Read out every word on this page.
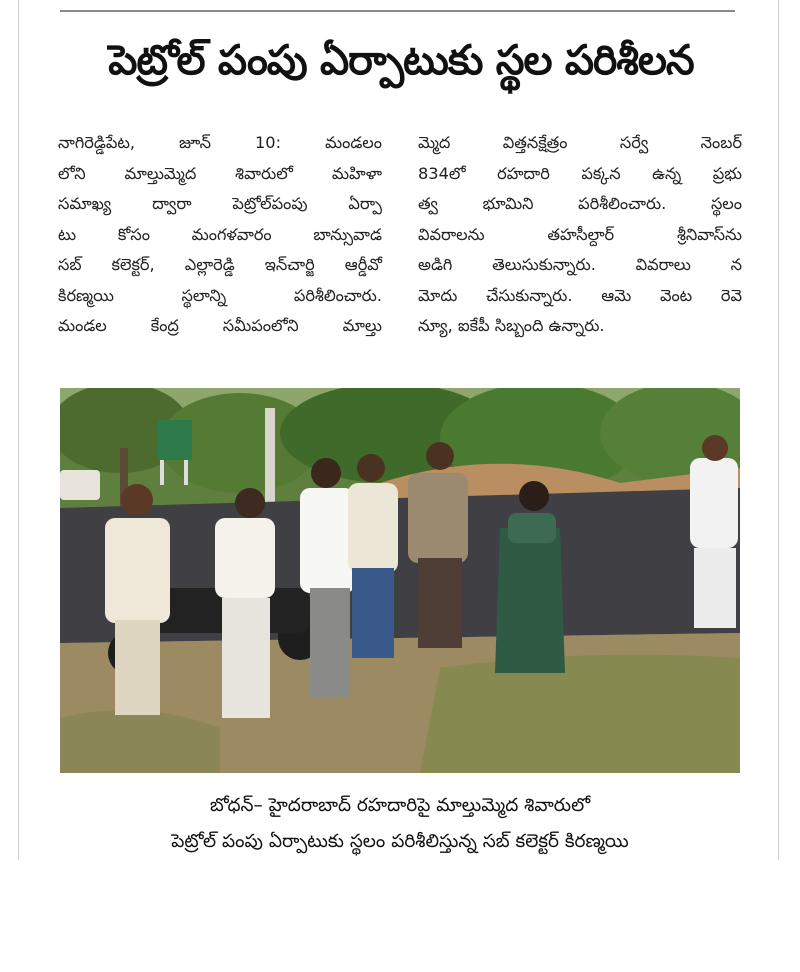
పెట్రోల్ పంపు ఏర్పాటుకు స్థల పరిశీలన
నాగిరెడ్డిపేట, జూన్ 10: మండలం
లోని మాల్తుమ్మెద శివారులో మహిళా
సమాఖ్య ద్వారా పెట్రోల్‌పంపు ఏర్పా
టు కోసం మంగళవారం బాన్సువాడ
సబ్ కలెక్టర్, ఎల్లారెడ్డి ఇన్‌చార్జి ఆర్డీవో
కిరణ్మయి స్థలాన్ని పరిశీలించారు.
మండల కేంద్ర సమీపంలోని మాల్తు
మ్మెద విత్తనక్షేత్రం సర్వే నెంబర్
834లో రహదారి పక్కన ఉన్న ప్రభు
త్వ భూమిని పరిశీలించారు. స్థలం
వివరాలను తహసీల్దార్ శ్రీనివాస్‌ను
అడిగి తెలుసుకున్నారు. వివరాలు న
మోదు చేసుకున్నారు. ఆమె వెంట రెవె
న్యూ, ఐకేపీ సిబ్బంది ఉన్నారు.
బోధన్– హైదరాబాద్ రహదారిపై మాల్తుమ్మెద శివారులో
పెట్రోల్ పంపు ఏర్పాటుకు స్థలం పరిశీలిస్తున్న సబ్ కలెక్టర్ కిరణ్మయి
